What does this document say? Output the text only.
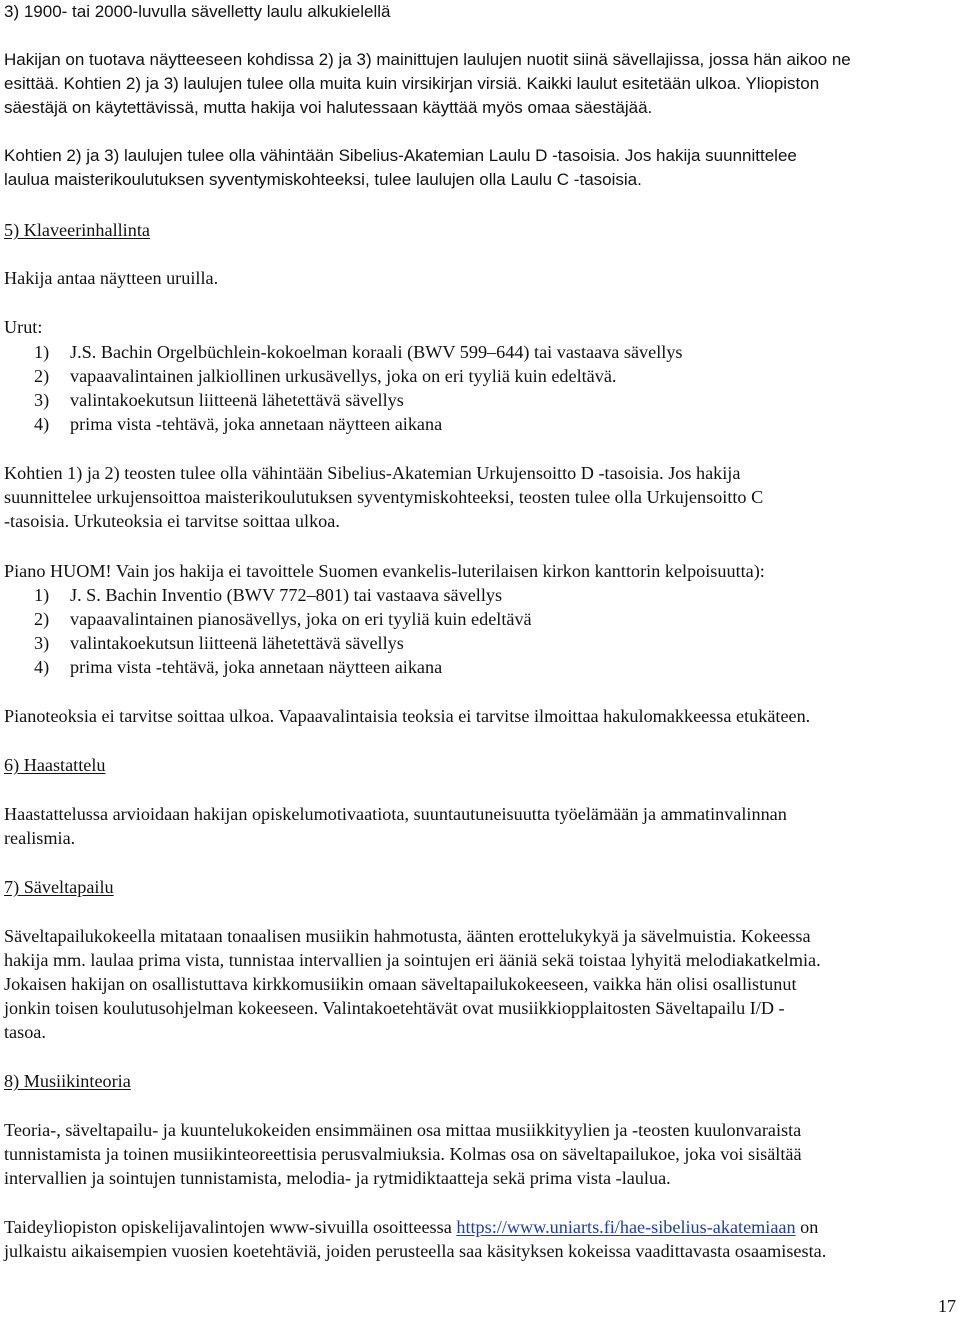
3) 1900- tai 2000-luvulla sävelletty laulu alkukielellä
Hakijan on tuotava näytteeseen kohdissa 2) ja 3) mainittujen laulujen nuotit siinä sävellajissa, jossa hän aikoo ne
esittää. Kohtien 2) ja 3) laulujen tulee olla muita kuin virsikirjan virsiä. Kaikki laulut esitetään ulkoa. Yliopiston
säestäjä on käytettävissä, mutta hakija voi halutessaan käyttää myös omaa säestäjää.
Kohtien 2) ja 3) laulujen tulee olla vähintään Sibelius-Akatemian Laulu D -tasoisia. Jos hakija suunnittelee
laulua maisterikoulutuksen syventymiskohteeksi, tulee laulujen olla Laulu C -tasoisia.
5) Klaveerinhallinta
Hakija antaa näytteen uruilla.
Urut:
1) J.S. Bachin Orgelbüchlein-kokoelman koraali (BWV 599–644) tai vastaava sävellys
2) vapaavalintainen jalkiollinen urkusävellys, joka on eri tyyliä kuin edeltävä.
3) valintakoekutsun liitteenä lähetettävä sävellys
4) prima vista -tehtävä, joka annetaan näytteen aikana
Kohtien 1) ja 2) teosten tulee olla vähintään Sibelius-Akatemian Urkujensoitto D -tasoisia. Jos hakija
suunnittelee urkujensoittoa maisterikoulutuksen syventymiskohteeksi, teosten tulee olla Urkujensoitto C
-tasoisia. Urkuteoksia ei tarvitse soittaa ulkoa.
Piano HUOM! Vain jos hakija ei tavoittele Suomen evankelis-luterilaisen kirkon kanttorin kelpoisuutta):
1) J. S. Bachin Inventio (BWV 772–801) tai vastaava sävellys
2) vapaavalintainen pianosävellys, joka on eri tyyliä kuin edeltävä
3) valintakoekutsun liitteenä lähetettävä sävellys
4) prima vista -tehtävä, joka annetaan näytteen aikana
Pianoteoksia ei tarvitse soittaa ulkoa. Vapaavalintaisia teoksia ei tarvitse ilmoittaa hakulomakkeessa etukäteen.
6) Haastattelu
Haastattelussa arvioidaan hakijan opiskelumotivaatiota, suuntautuneisuutta työelämään ja ammatinvalinnan
realismia.
7) Säveltapailu
Säveltapailukokeella mitataan tonaalisen musiikin hahmotusta, äänten erottelukykyä ja sävelmuistia. Kokeessa
hakija mm. laulaa prima vista, tunnistaa intervallien ja sointujen eri ääniä sekä toistaa lyhyitä melodiakatkelmia.
Jokaisen hakijan on osallistuttava kirkkomusiikin omaan säveltapailukokeeseen, vaikka hän olisi osallistunut
jonkin toisen koulutusohjelman kokeeseen. Valintakoetehtävät ovat musiikkiopplaitosten Säveltapailu I/D -
tasoa.
8) Musiikinteoria
Teoria-, säveltapailu- ja kuuntelukokeiden ensimmäinen osa mittaa musiikkityylien ja -teosten kuulonvaraista
tunnistamista ja toinen musiikinteoreettisia perusvalmiuksia. Kolmas osa on säveltapailukoe, joka voi sisältää
intervallien ja sointujen tunnistamista, melodia- ja rytmidiktaatteja sekä prima vista -laulua.
Taideyliopiston opiskelijavalintojen www-sivuilla osoitteessa https://www.uniarts.fi/hae-sibelius-akatemiaan on
julkaistu aikaisempien vuosien koetehtäviä, joiden perusteella saa käsityksen kokeissa vaadittavasta osaamisesta.
17
